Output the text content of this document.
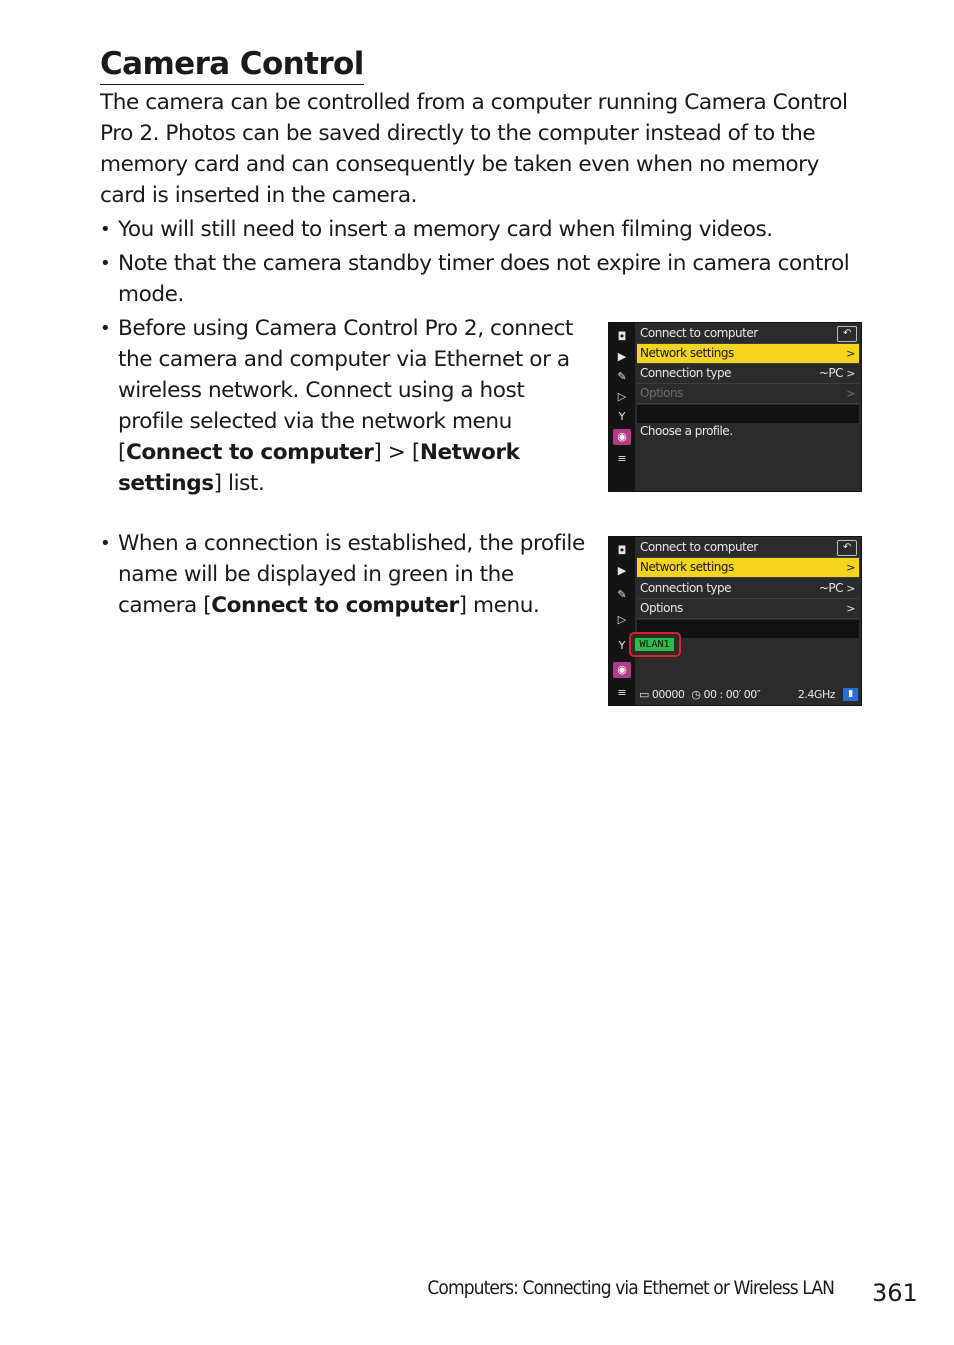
Camera Control

The camera can be controlled from a computer running Camera Control Pro 2. Photos can be saved directly to the computer instead of to the memory card and can consequently be taken even when no memory card is inserted in the camera.

• You will still need to insert a memory card when filming videos.

• Note that the camera standby timer does not expire in camera control mode.

• Before using Camera Control Pro 2, connect the camera and computer via Ethernet or a wireless network. Connect using a host profile selected via the network menu [Connect to computer] > [Network settings] list.

• When a connection is established, the profile name will be displayed in green in the camera [Connect to computer] menu.

◘
▶
✎
▷
Y
◉
≡
Connect to computer	↶
Network settings	>
Connection type	~PC >
Options	>
Choose a profile.
◘
▶
✎
▷
Y
◉
≡
Connect to computer	↶
Network settings	>
Connection type	~PC >
Options	>
WLAN1
▭ 00000 ◷ 00 : 00′ 00″	2.4GHz	▮
Computers: Connecting via Ethernet or Wireless LAN 361
